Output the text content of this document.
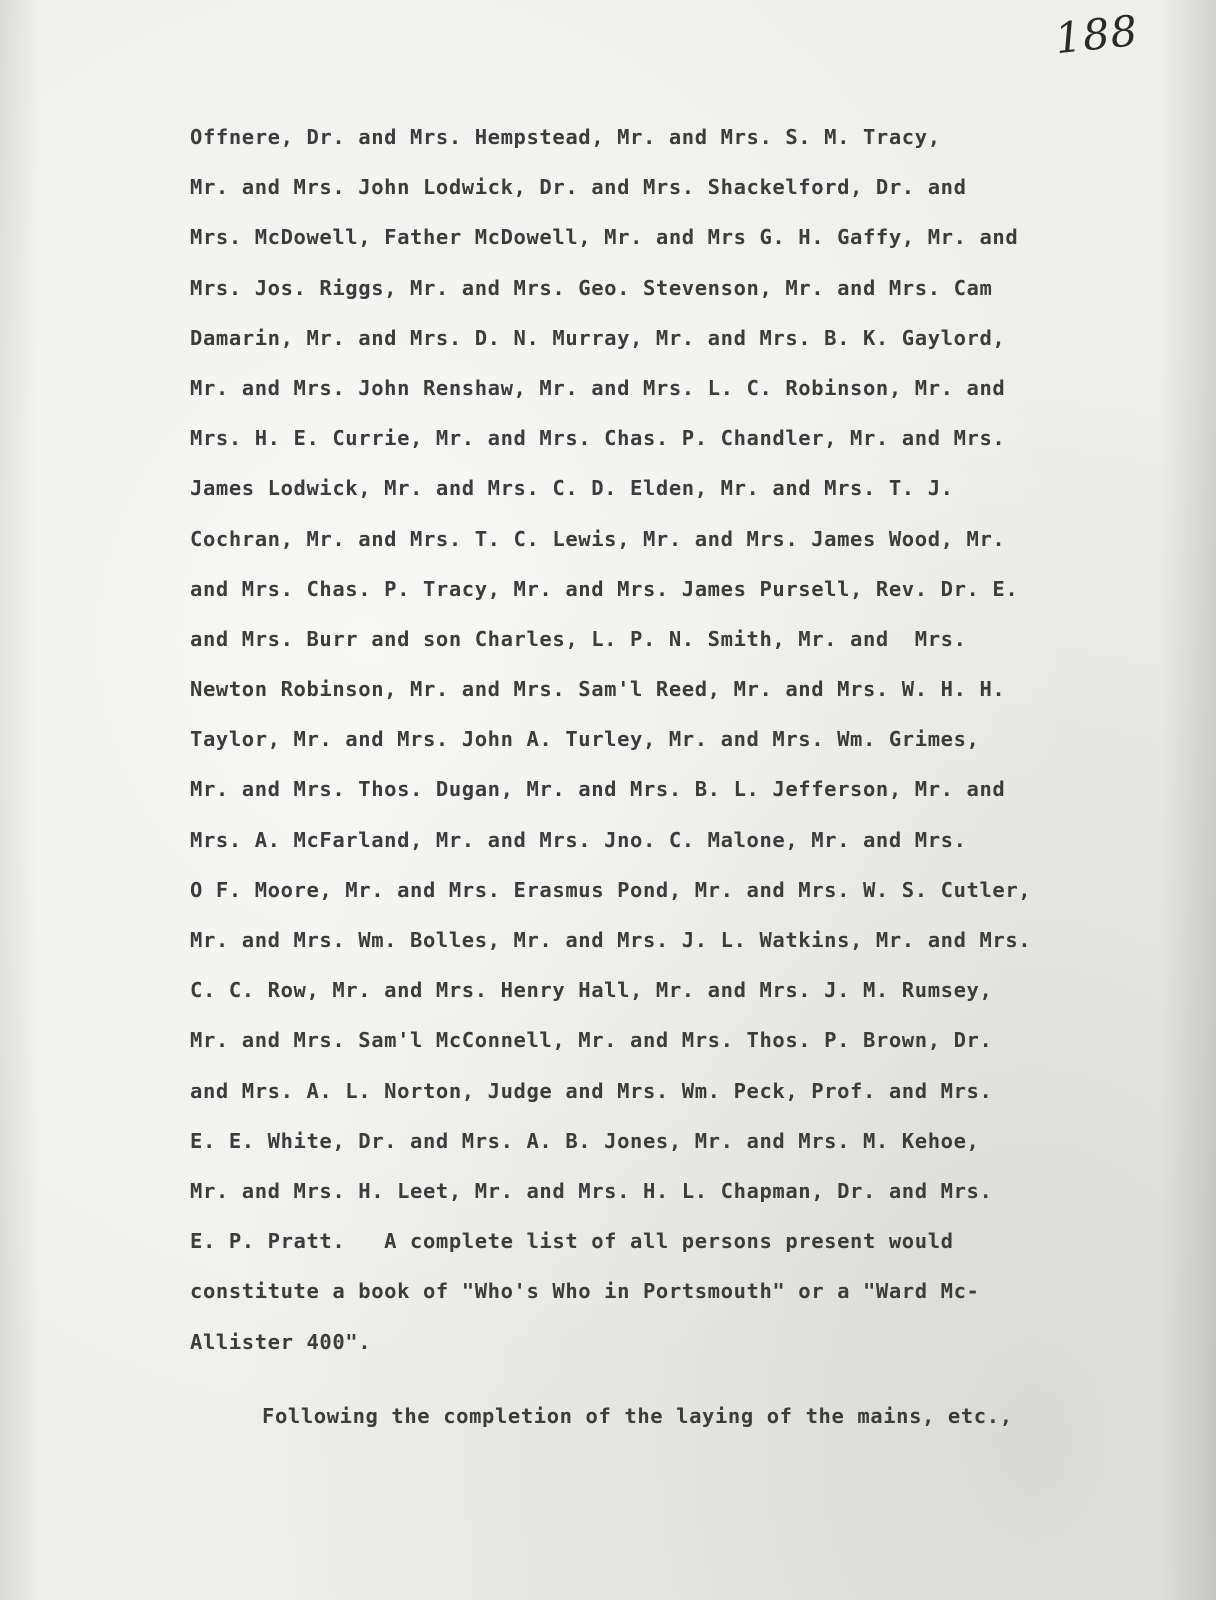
188
Offnere, Dr. and Mrs. Hempstead, Mr. and Mrs. S. M. Tracy,
Mr. and Mrs. John Lodwick, Dr. and Mrs. Shackelford, Dr. and
Mrs. McDowell, Father McDowell, Mr. and Mrs G. H. Gaffy, Mr. and
Mrs. Jos. Riggs, Mr. and Mrs. Geo. Stevenson, Mr. and Mrs. Cam
Damarin, Mr. and Mrs. D. N. Murray, Mr. and Mrs. B. K. Gaylord,
Mr. and Mrs. John Renshaw, Mr. and Mrs. L. C. Robinson, Mr. and
Mrs. H. E. Currie, Mr. and Mrs. Chas. P. Chandler, Mr. and Mrs.
James Lodwick, Mr. and Mrs. C. D. Elden, Mr. and Mrs. T. J.
Cochran, Mr. and Mrs. T. C. Lewis, Mr. and Mrs. James Wood, Mr.
and Mrs. Chas. P. Tracy, Mr. and Mrs. James Pursell, Rev. Dr. E.
and Mrs. Burr and son Charles, L. P. N. Smith, Mr. and  Mrs.
Newton Robinson, Mr. and Mrs. Sam'l Reed, Mr. and Mrs. W. H. H.
Taylor, Mr. and Mrs. John A. Turley, Mr. and Mrs. Wm. Grimes,
Mr. and Mrs. Thos. Dugan, Mr. and Mrs. B. L. Jefferson, Mr. and
Mrs. A. McFarland, Mr. and Mrs. Jno. C. Malone, Mr. and Mrs.
O F. Moore, Mr. and Mrs. Erasmus Pond, Mr. and Mrs. W. S. Cutler,
Mr. and Mrs. Wm. Bolles, Mr. and Mrs. J. L. Watkins, Mr. and Mrs.
C. C. Row, Mr. and Mrs. Henry Hall, Mr. and Mrs. J. M. Rumsey,
Mr. and Mrs. Sam'l McConnell, Mr. and Mrs. Thos. P. Brown, Dr.
and Mrs. A. L. Norton, Judge and Mrs. Wm. Peck, Prof. and Mrs.
E. E. White, Dr. and Mrs. A. B. Jones, Mr. and Mrs. M. Kehoe,
Mr. and Mrs. H. Leet, Mr. and Mrs. H. L. Chapman, Dr. and Mrs.
E. P. Pratt.   A complete list of all persons present would
constitute a book of "Who's Who in Portsmouth" or a "Ward Mc-
Allister 400".
Following the completion of the laying of the mains, etc.,
